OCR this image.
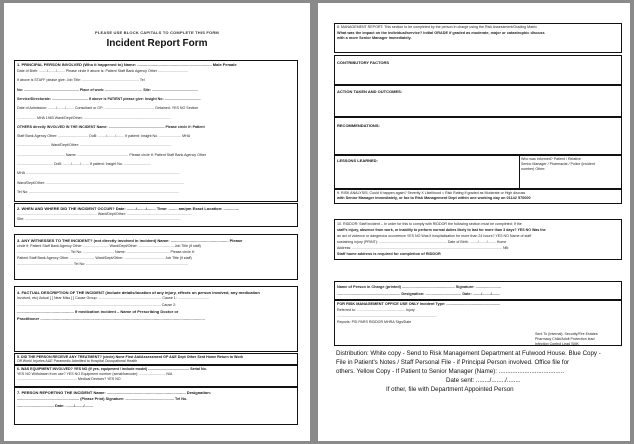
PLEASE USE BLOCK CAPITALS TO COMPLETE THIS FORM
Incident Report Form
1. PRINCIPAL PERSON INVOLVED (Who it happened to) Name: ................................................................... Male Female
Date of Birth: ......../......../........ Please circle if above is: Patient Staff Bank Agency Other ..............................
If above is STAFF please give: Job Title: ......................................................... Tel
No: ....................................................... Place of work: ..................................... Site: ..............................................
Service/Directorate: .................................... If above is PATIENT please give: Insight No: ....................................
Date of Admission: ......../......../........ Consultant or GP: .................................................. Detained: YES NO Section
................... MHA 1983 Ward/Dept/Other: .......................................................................................
OTHERS directly INVOLVED IN THE INCIDENT Name: ........................................................ Please circle if: Patient
Staff Bank Agency Other: .............................. DoB: ......../......../........ If patient: Insight No. ...................... MHA
................................. Ward/Dept/Other: ...........................................................................................
................................................ Name: ................................................... Please circle if: Patient Staff Bank Agency Other
.................................... DoB: ......../......../........ If patient: Insight No. ...........................
MHA ..........................................................................................................................................................
Ward/Dept/Other: ..........................................................................................................................................
Tel No: ......................................................................................................................................................
2. WHEN AND WHERE DID THE INCIDENT OCCUR? Date: ......../......../........ Time: ........ am/pm Exact Location: ..............
................................................................................ Ward/Dept/Other: .................................................................
Site: ............................................................................................................................................................
3. ANY WITNESSES TO THE INCIDENT? (not directly involved in incident) Name: .................................................... Please
circle if: Patient Staff Bank Agency Other .......................... Ward/Dept/Other: ................................... Job Title (if staff)
..................................................... Tel No: ............................... Name: ........................................... Please circle if:
Patient Staff Bank Agency Other ......................... Ward/Dept/Other: ........................................ Job Title (if staff)
........................................................ Tel No: ......................................................................................................
4. FACTUAL DESCRIPTION OF THE INCIDENT (include details/location of any injury, effects on person involved, any medication
involved, etc) Actual [ ] Near Miss [ ] Cause Group: ............................................................... Cause 1: ...............................
................................................................................................................................................ Cause 2:
................................................... If medication incident – Name of Prescribing Doctor or
Practitioner ....................................................................................................................................................
5. DID THE PERSON RECEIVE ANY TREATMENT? (circle) None First Aid/Assessment GP A&E Dept Other Sent Home Return to Work
Off Work/ Injuries A&E Paramedic Admitted to Hospital Occupational Health
6. WAS EQUIPMENT INVOLVED? YES NO (If yes, equipment / include model) ......................................... Serial No.
YES NO Withdrawn from use? YES NO Equipment number (serial/barcode): .......................... N/A
............................................................ Medical Devices? YES NO
7. PERSON REPORTING THE INCIDENT Name: ....................................................................... Designation:
........................................................... (Please Print) Signature: .............................................. Tel No.
................................... Date: ......../......../........
8. MANAGEMENT REPORT: This section to be completed by the person in charge using the Risk Assessment/Grading Matrix
What was the impact on the individual/service? Initial GRADE if graded as moderate, major or catastrophic discuss
with a more Senior Manager immediately.
CONTRIBUTORY FACTORS
ACTION TAKEN AND OUTCOMES:
RECOMMENDATIONS:
LESSONS LEARNED:	Who was informed? Patient / Relative
Senior Manager / Pharmacist / Police (incident
number) Other:
9. RISK ANALYSIS: Could it happen again? Severity X Likelihood = Risk Rating If graded as Moderate or High discuss
with Senior Manager immediately, or fax to Risk Management Dept within one working day on 01142 570000
10. RIDDOR: Staff incident – In order for this to comply with RIDDOR the following section must be completed: If the
staff's injury, absence from work, or inability to perform normal duties likely to last for more than 3 days? YES NO Was the
an act of violence or dangerous occurrence YES NO Was it hospitalisation for more than 24 hours? YES NO Name of staff
sustaining injury (PRINT): .................................................................... Date of Birth: ......../......../........ Home
Address: ...................................................................................................................................................... NB:
Staff home address is required for completion of RIDDOR
Name of Person in Charge (printed) .................................................. Signature: ........................
............................................................ Designation: .................................. Date: ......../......../........
FOR RISK MANAGEMENT OFFICE USE ONLY Incident Type: ...................................................
Referred to: ................................................ Injury
....................................................................................................
Reports: PSI PARS RIDDOR MHRA Sign/Date
Sent To (Internal): Security/Fire Estates
Pharmacy Child/Adult Protection lead
Infection Control Lead SMK
Distribution: White copy - Send to Risk Management Department at Fulwood House. Blue Copy -
File in Patient's Notes / Staff Personal File - if Principal Person involved. Office file for
others. Yellow Copy - If Patient to Senior Manager (Name): ......................................
Date sent: ......../......../........
If other, file with Department Appointed Person
